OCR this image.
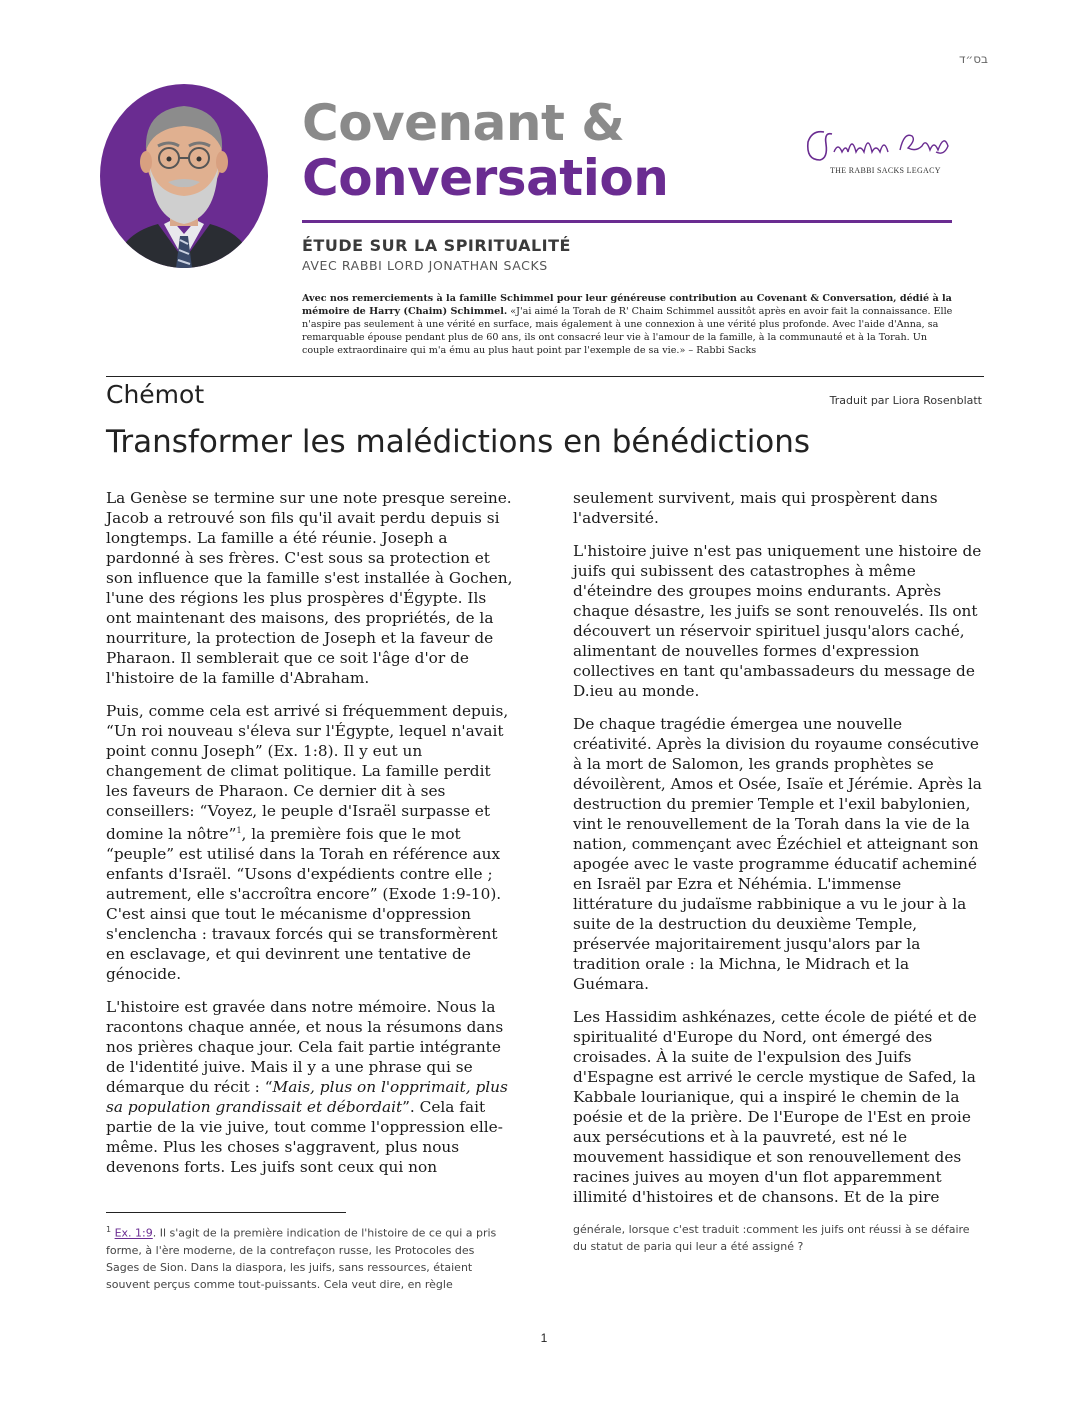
בס״ד
Covenant &
Conversation	THE RABBI SACKS LEGACY
ÉTUDE SUR LA SPIRITUALITÉ
AVEC RABBI LORD JONATHAN SACKS
Avec nos remerciements à la famille Schimmel pour leur généreuse contribution au Covenant & Conversation, dédié à la mémoire de Harry (Chaim) Schimmel. «J'ai aimé la Torah de R' Chaim Schimmel aussitôt après en avoir fait la connaissance. Elle n'aspire pas seulement à une vérité en surface, mais également à une connexion à une vérité plus profonde. Avec l'aide d'Anna, sa remarquable épouse pendant plus de 60 ans, ils ont consacré leur vie à l'amour de la famille, à la communauté et à la Torah. Un couple extraordinaire qui m'a ému au plus haut point par l'exemple de sa vie.» – Rabbi Sacks
Chémot	Traduit par Liora Rosenblatt
Transformer les malédictions en bénédictions

La Genèse se termine sur une note presque sereine. Jacob a retrouvé son fils qu'il avait perdu depuis si longtemps. La famille a été réunie. Joseph a pardonné à ses frères. C'est sous sa protection et son influence que la famille s'est installée à Gochen, l'une des régions les plus prospères d'Égypte. Ils ont maintenant des maisons, des propriétés, de la nourriture, la protection de Joseph et la faveur de Pharaon. Il semblerait que ce soit l'âge d'or de l'histoire de la famille d'Abraham.

Puis, comme cela est arrivé si fréquemment depuis, “Un roi nouveau s'éleva sur l'Égypte, lequel n'avait point connu Joseph” (Ex. 1:8). Il y eut un changement de climat politique. La famille perdit les faveurs de Pharaon. Ce dernier dit à ses conseillers: “Voyez, le peuple d'Israël surpasse et domine la nôtre”$^1$, la première fois que le mot “peuple” est utilisé dans la Torah en référence aux enfants d'Israël. “Usons d'expédients contre elle ; autrement, elle s'accroîtra encore” (Exode 1:9-10). C'est ainsi que tout le mécanisme d'oppression s'enclencha : travaux forcés qui se transformèrent en esclavage, et qui devinrent une tentative de génocide.

L'histoire est gravée dans notre mémoire. Nous la racontons chaque année, et nous la résumons dans nos prières chaque jour. Cela fait partie intégrante de l'identité juive. Mais il y a une phrase qui se démarque du récit : “Mais, plus on l'opprimait, plus sa population grandissait et débordait”. Cela fait partie de la vie juive, tout comme l'oppression elle-même. Plus les choses s'aggravent, plus nous devenons forts. Les juifs sont ceux qui non

seulement survivent, mais qui prospèrent dans l'adversité.

L'histoire juive n'est pas uniquement une histoire de juifs qui subissent des catastrophes à même d'éteindre des groupes moins endurants. Après chaque désastre, les juifs se sont renouvelés. Ils ont découvert un réservoir spirituel jusqu'alors caché, alimentant de nouvelles formes d'expression collectives en tant qu'ambassadeurs du message de D.ieu au monde.

De chaque tragédie émergea une nouvelle créativité. Après la division du royaume consécutive à la mort de Salomon, les grands prophètes se dévoilèrent, Amos et Osée, Isaïe et Jérémie. Après la destruction du premier Temple et l'exil babylonien, vint le renouvellement de la Torah dans la vie de la nation, commençant avec Ézéchiel et atteignant son apogée avec le vaste programme éducatif acheminé en Israël par Ezra et Néhémia. L'immense littérature du judaïsme rabbinique a vu le jour à la suite de la destruction du deuxième Temple, préservée majoritairement jusqu'alors par la tradition orale : la Michna, le Midrach et la Guémara.

Les Hassidim ashkénazes, cette école de piété et de spiritualité d'Europe du Nord, ont émergé des croisades. À la suite de l'expulsion des Juifs d'Espagne est arrivé le cercle mystique de Safed, la Kabbale lourianique, qui a inspiré le chemin de la poésie et de la prière. De l'Europe de l'Est en proie aux persécutions et à la pauvreté, est né le mouvement hassidique et son renouvellement des racines juives au moyen d'un flot apparemment illimité d'histoires et de chansons. Et de la pire

$^1$ Ex. 1:9. Il s'agit de la première indication de l'histoire de ce qui a pris forme, à l'ère moderne, de la contrefaçon russe, les Protocoles des Sages de Sion. Dans la diaspora, les juifs, sans ressources, étaient souvent perçus comme tout-puissants. Cela veut dire, en règle
générale, lorsque c'est traduit :comment les juifs ont réussi à se défaire du statut de paria qui leur a été assigné ?
1
